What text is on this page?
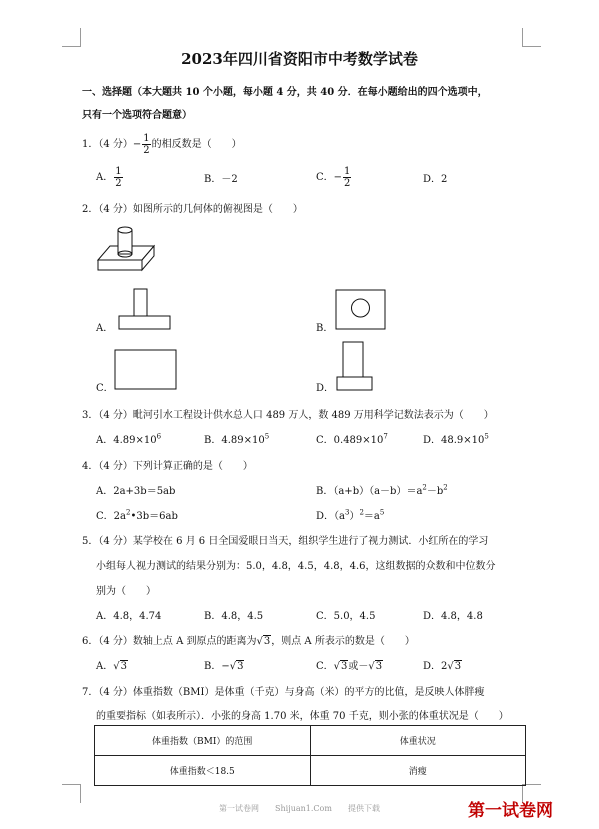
2023年四川省资阳市中考数学试卷
一、选择题（本大题共 10 个小题，每小题 4 分，共 40 分．在每小题给出的四个选项中，
只有一个选项符合题意）
1．（4 分）− $\frac{1}{2}$ 的相反数是（　　）
A． $\frac{1}{2}$	B．－2	C．− $\frac{1}{2}$	D．2
2．（4 分）如图所示的几何体的俯视图是（　　）
A．	B．
C．	D．
3．（4 分）毗河引水工程设计供水总人口 489 万人，数 489 万用科学记数法表示为（　　）
A．$4.89\times 10^6$	B．$4.89\times 10^5$	C．$0.489\times 10^7$	D．$48.9\times 10^5$
4．（4 分）下列计算正确的是（　　）
A．2a+3b＝5ab	B．$(a+b)(a-b)=a^2-b^2$
C．$2a^2•3b=6ab$	D．$(a^3)^2=a^5$
5．（4 分）某学校在 6 月 6 日全国爱眼日当天，组织学生进行了视力测试．小红所在的学习
小组每人视力测试的结果分别为：5.0，4.8，4.5，4.8，4.6，这组数据的众数和中位数分
别为（　　）
A．4.8，4.74	B．4.8，4.5	C．5.0，4.5	D．4.8，4.8
6．（4 分）数轴上点 A 到原点的距离为√3，则点 A 所表示的数是（　　）
A．√3	B．−√3	C．√3或－√3	D．2√3
7．（4 分）体重指数（BMI）是体重（千克）与身高（米）的平方的比值，是反映人体胖瘦
的重要指标（如表所示）．小张的身高 1.70 米，体重 70 千克，则小张的体重状况是（　　）
体重指数（BMI）的范围	体重状况
体重指数＜18.5	消瘦
第一试卷网　　Shijuan1.Com　　提供下载	第一试卷网
